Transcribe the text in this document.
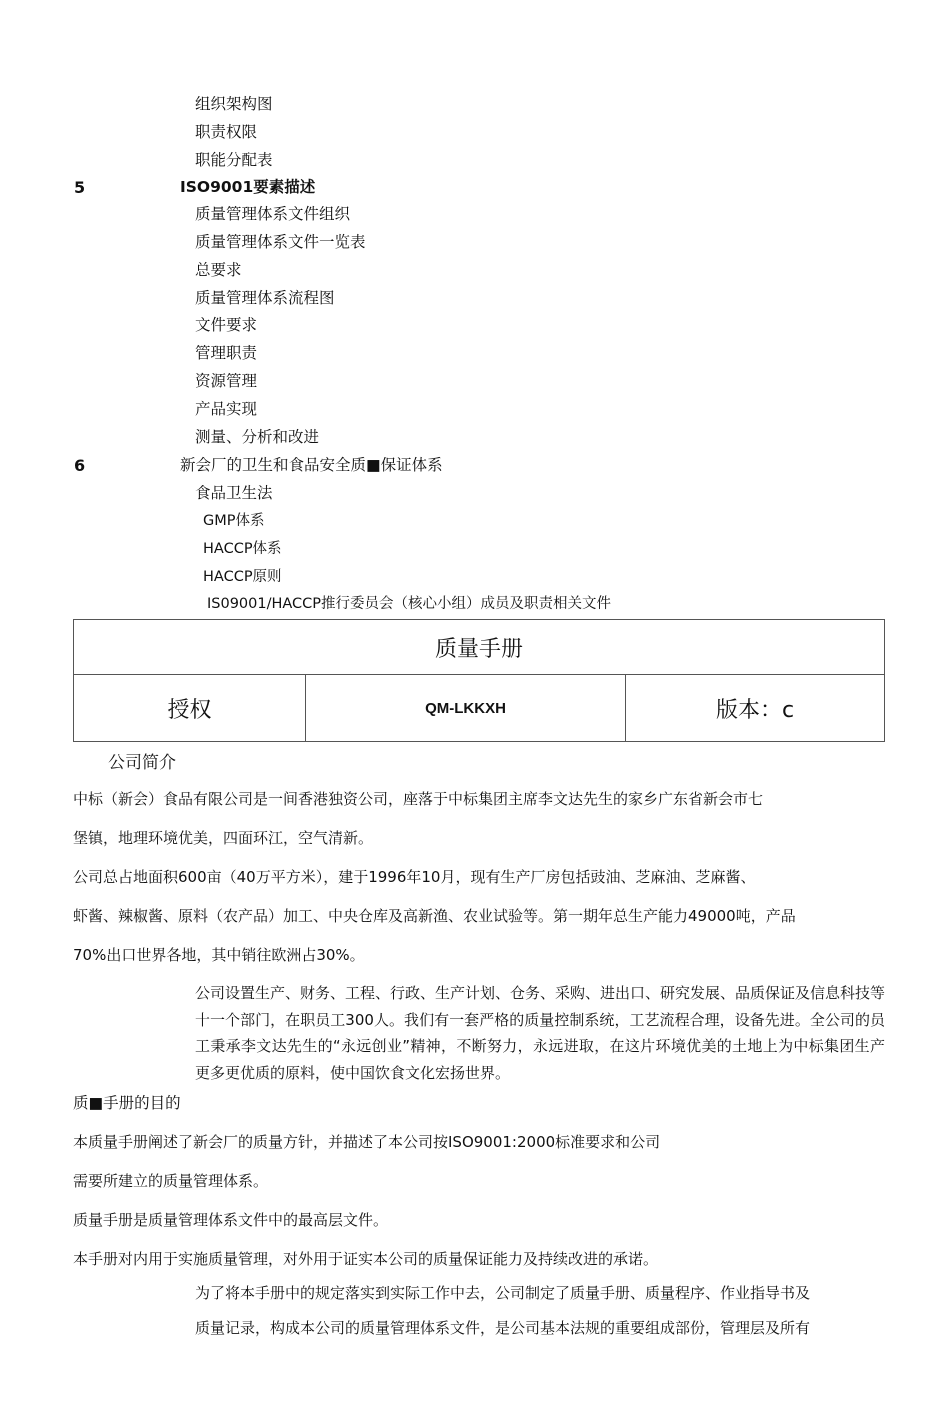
组织架构图
职责权限
职能分配表
5	ISO9001要素描述
质量管理体系文件组织
质量管理体系文件一览表
总要求
质量管理体系流程图
文件要求
管理职责
资源管理
产品实现
测量、分析和改进
6	新会厂的卫生和食品安全质■保证体系
食品卫生法
GMP体系
HACCP体系
HACCP原则
IS09001/HACCP推行委员会（核心小组）成员及职责相关文件
质量手册
授权	QM-LKKXH	版本：c
公司简介
中标（新会）食品有限公司是一间香港独资公司，座落于中标集团主席李文达先生的家乡广东省新会市七
堡镇，地理环境优美，四面环江，空气清新。
公司总占地面积600亩（40万平方米），建于1996年10月，现有生产厂房包括豉油、芝麻油、芝麻酱、
虾酱、辣椒酱、原料（农产品）加工、中央仓库及高新渔、农业试验等。第一期年总生产能力49000吨，产品
70%出口世界各地，其中销往欧洲占30%。
公司设置生产、财务、工程、行政、生产计划、仓务、采购、进出口、研究发展、品质保证及信息科技等十一个部门，在职员工300人。我们有一套严格的质量控制系统，工艺流程合理，设备先进。全公司的员工秉承李文达先生的“永远创业”精神，不断努力，永远进取，在这片环境优美的土地上为中标集团生产更多更优质的原料，使中国饮食文化宏扬世界。
质■手册的目的
本质量手册阐述了新会厂的质量方针，并描述了本公司按ISO9001:2000标准要求和公司
需要所建立的质量管理体系。
质量手册是质量管理体系文件中的最高层文件。
本手册对内用于实施质量管理，对外用于证实本公司的质量保证能力及持续改进的承诺。
为了将本手册中的规定落实到实际工作中去，公司制定了质量手册、质量程序、作业指导书及
质量记录，构成本公司的质量管理体系文件，是公司基本法规的重要组成部份，管理层及所有
